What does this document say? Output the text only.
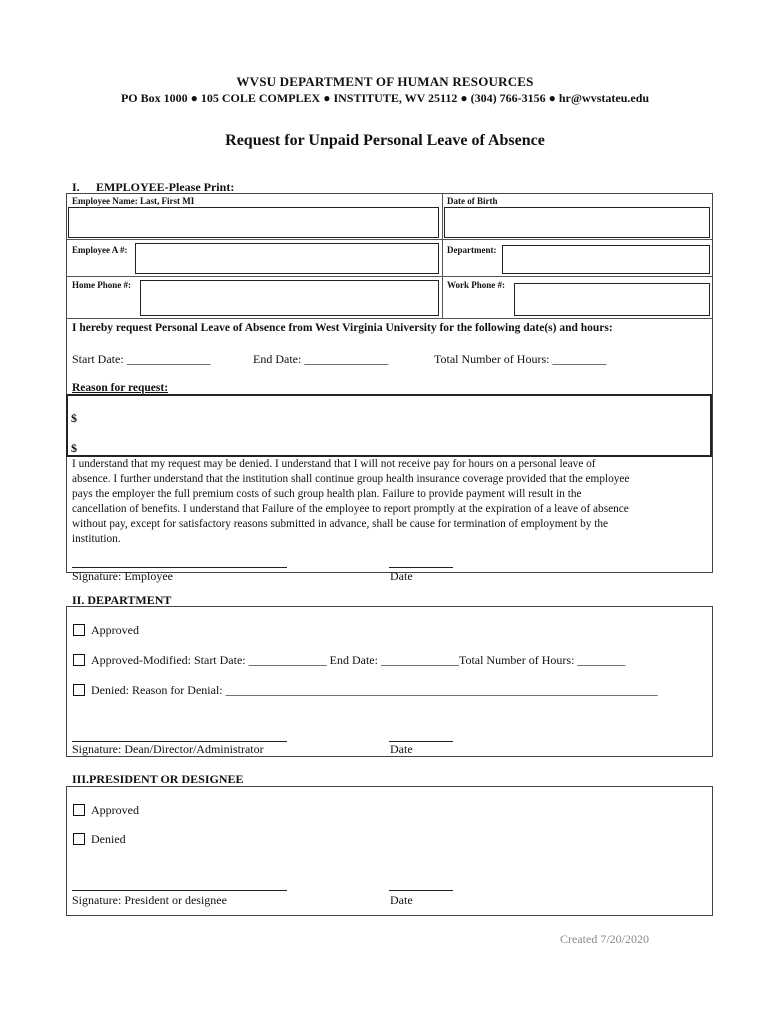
WVSU DEPARTMENT OF HUMAN RESOURCES
PO Box 1000 ● 105 COLE COMPLEX ● INSTITUTE, WV 25112 ● (304) 766-3156 ● hr@wvstateu.edu
Request for Unpaid Personal Leave of Absence
I. EMPLOYEE-Please Print:
Employee Name: Last, First MI	Date of Birth
Employee A #:	Department:
Home Phone #:	Work Phone #:
I hereby request Personal Leave of Absence from West Virginia University for the following date(s) and hours:
Start Date: ______________	End Date: ______________	Total Number of Hours: _________
Reason for request:
$
$
I understand that my request may be denied. I understand that I will not receive pay for hours on a personal leave of
absence. I further understand that the institution shall continue group health insurance coverage provided that the employee
pays the employer the full premium costs of such group health plan. Failure to provide payment will result in the
cancellation of benefits. I understand that Failure of the employee to report promptly at the expiration of a leave of absence
without pay, except for satisfactory reasons submitted in advance, shall be cause for termination of employment by the
institution.
Signature: Employee	Date
II. DEPARTMENT
Approved
Approved-Modified: Start Date: _____________ End Date: _____________Total Number of Hours: ________
Denied: Reason for Denial: ________________________________________________________________________
Signature: Dean/Director/Administrator	Date
III.PRESIDENT OR DESIGNEE
Approved
Denied
Signature: President or designee	Date
Created 7/20/2020
